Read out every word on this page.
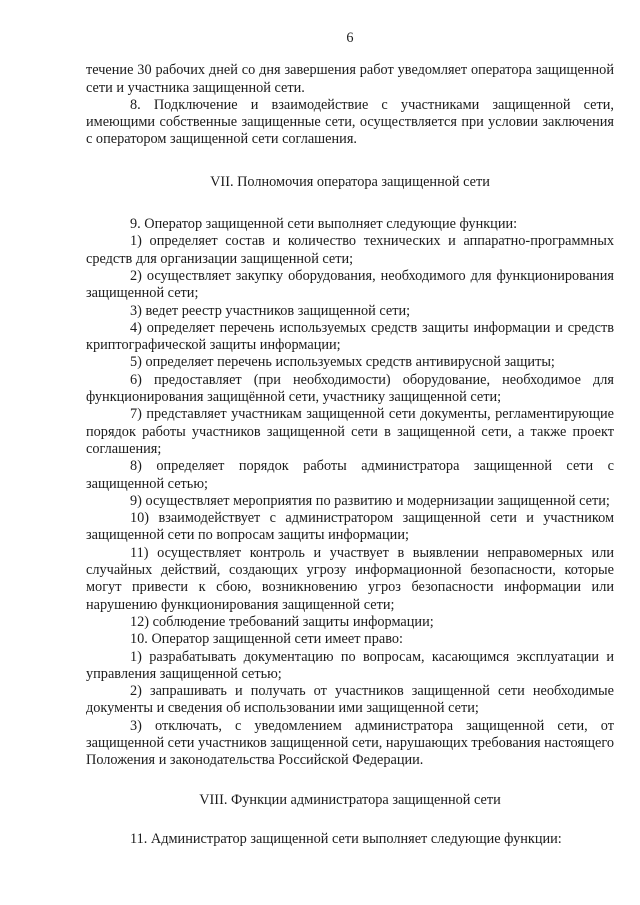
6

течение 30 рабочих дней со дня завершения работ уведомляет оператора защищенной сети и участника защищенной сети.

8. Подключение и взаимодействие с участниками защищенной сети, имеющими собственные защищенные сети, осуществляется при условии заключения с оператором защищенной сети соглашения.

VII. Полномочия оператора защищенной сети

9. Оператор защищенной сети выполняет следующие функции:

1) определяет состав и количество технических и аппаратно-программных средств для организации защищенной сети;

2) осуществляет закупку оборудования, необходимого для функционирования защищенной сети;

3) ведет реестр участников защищенной сети;

4) определяет перечень используемых средств защиты информации и средств криптографической защиты информации;

5) определяет перечень используемых средств антивирусной защиты;

6) предоставляет (при необходимости) оборудование, необходимое для функционирования защищённой сети, участнику защищенной сети;

7) представляет участникам защищенной сети документы, регламентирующие порядок работы участников защищенной сети в защищенной сети, а также проект соглашения;

8) определяет порядок работы администратора защищенной сети с защищенной сетью;

9) осуществляет мероприятия по развитию и модернизации защищенной сети;

10) взаимодействует с администратором защищенной сети и участником защищенной сети по вопросам защиты информации;

11) осуществляет контроль и участвует в выявлении неправомерных или случайных действий, создающих угрозу информационной безопасности, которые могут привести к сбою, возникновению угроз безопасности информации или нарушению функционирования защищенной сети;

12) соблюдение требований защиты информации;

10. Оператор защищенной сети имеет право:

1) разрабатывать документацию по вопросам, касающимся эксплуатации и управления защищенной сетью;

2) запрашивать и получать от участников защищенной сети необходимые документы и сведения об использовании ими защищенной сети;

3) отключать, с уведомлением администратора защищенной сети, от защищенной сети участников защищенной сети, нарушающих требования настоящего Положения и законодательства Российской Федерации.

VIII. Функции администратора защищенной сети

11. Администратор защищенной сети выполняет следующие функции:
